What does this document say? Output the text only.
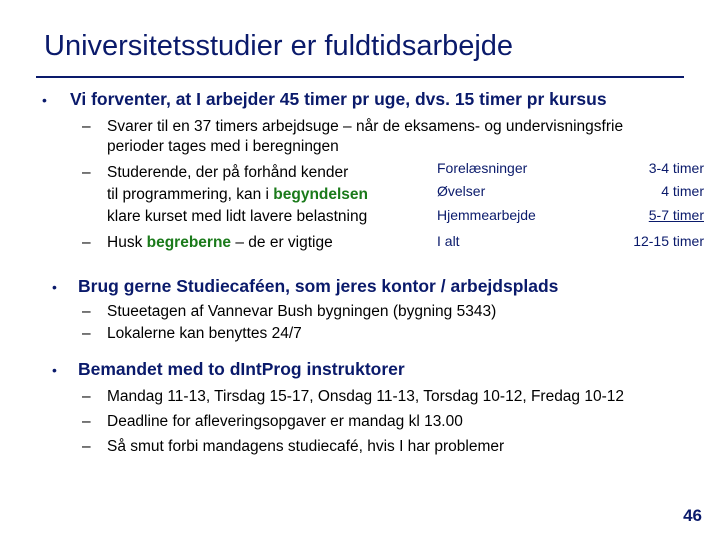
Universitetsstudier er fuldtidsarbejde
• Vi forventer, at I arbejder 45 timer pr uge, dvs. 15 timer pr kursus
– Svarer til en 37 timers arbejdsuge – når de eksamens- og undervisningsfrie
perioder tages med i beregningen
– Studerende, der på forhånd kender
til programmering, kan i begyndelsen
klare kurset med lidt lavere belastning
– Husk begreberne – de er vigtige
Forelæsninger	3-4 timer
Øvelser	4 timer
Hjemmearbejde	5-7 timer
I alt	12-15 timer
• Brug gerne Studiecaféen, som jeres kontor / arbejdsplads
– Stueetagen af Vannevar Bush bygningen (bygning 5343)
– Lokalerne kan benyttes 24/7
• Bemandet med to dIntProg instruktorer
– Mandag 11-13, Tirsdag 15-17, Onsdag 11-13, Torsdag 10-12, Fredag 10-12
– Deadline for afleveringsopgaver er mandag kl 13.00
– Så smut forbi mandagens studiecafé, hvis I har problemer
46
